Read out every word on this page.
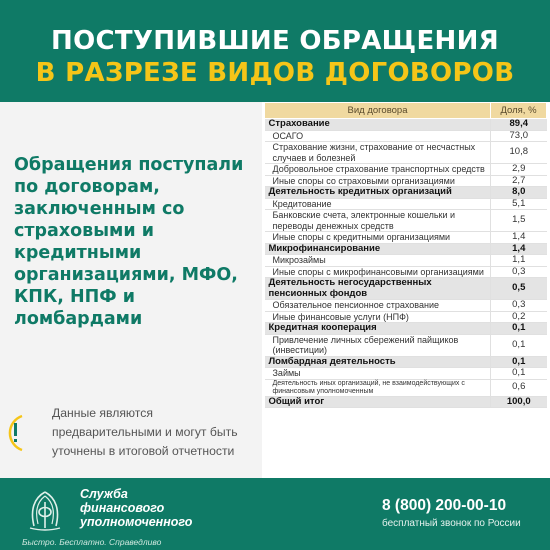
ПОСТУПИВШИЕ ОБРАЩЕНИЯ
В РАЗРЕЗЕ ВИДОВ ДОГОВОРОВ
Обращения поступали по договорам, заключенным со страховыми и кредитными организациями, МФО, КПК, НПФ и ломбардами
Данные являются предварительными и могут быть уточнены в итоговой отчетности
Вид договора	Доля, %
Страхование	89,4
ОСАГО	73,0
Страхование жизни, страхование от несчастных случаев и болезней	10,8
Добровольное страхование транспортных средств	2,9
Иные споры со страховыми организациями	2,7
Деятельность кредитных организаций	8,0
Кредитование	5,1
Банковские счета, электронные кошельки и переводы денежных средств	1,5
Иные споры с кредитными организациями	1,4
Микрофинансирование	1,4
Микрозаймы	1,1
Иные споры с микрофинансовыми организациями	0,3
Деятельность негосударственных пенсионных фондов	0,5
Обязательное пенсионное страхование	0,3
Иные финансовые услуги (НПФ)	0,2
Кредитная кооперация	0,1
Привлечение личных сбережений пайщиков (инвестиции)	0,1
Ломбардная деятельность	0,1
Займы	0,1
Деятельность иных организаций, не взаимодействующих с финансовым уполномоченным	0,6
Общий итог	100,0
Служба
финансового
уполномоченного
Быстро. Бесплатно. Справедливо
8 (800) 200-00-10
бесплатный звонок по России
